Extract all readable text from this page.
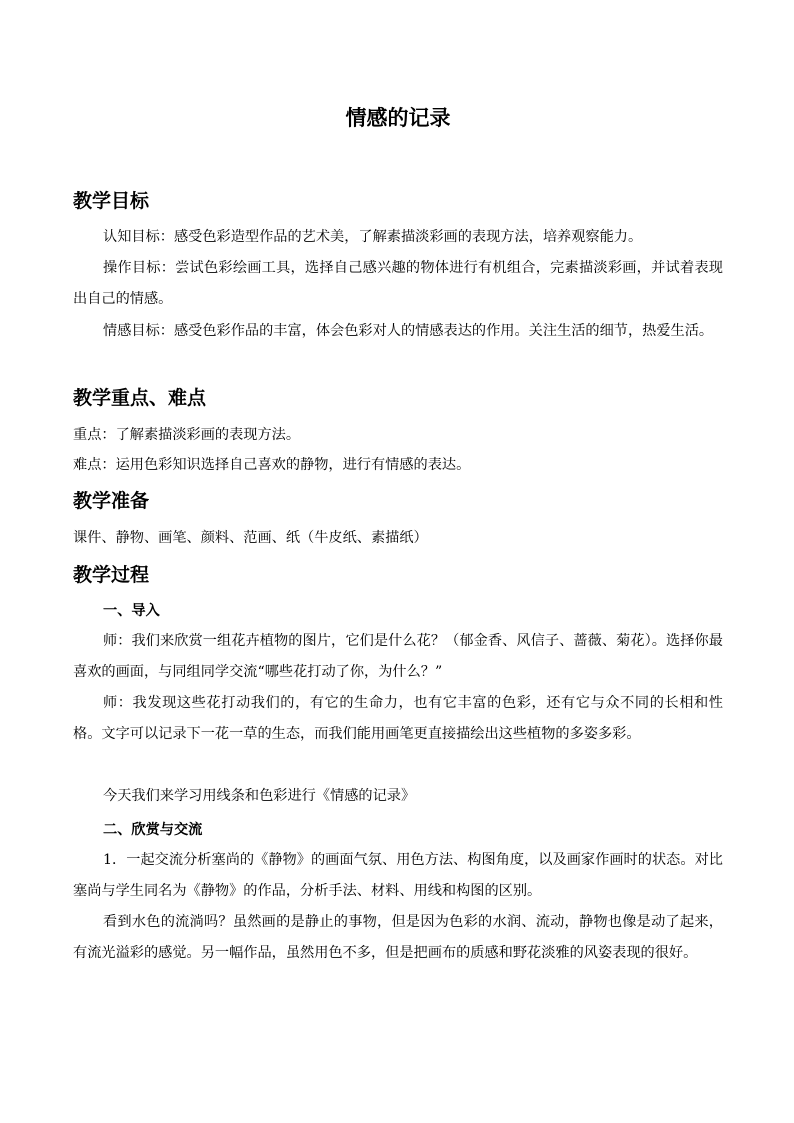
情感的记录
教学目标
认知目标：感受色彩造型作品的艺术美，了解素描淡彩画的表现方法，培养观察能力。
操作目标：尝试色彩绘画工具，选择自己感兴趣的物体进行有机组合，完素描淡彩画，并试着表现出自己的情感。
情感目标：感受色彩作品的丰富，体会色彩对人的情感表达的作用。关注生活的细节，热爱生活。
教学重点、难点
重点：了解素描淡彩画的表现方法。
难点：运用色彩知识选择自己喜欢的静物，进行有情感的表达。
教学准备
课件、静物、画笔、颜料、范画、纸（牛皮纸、素描纸）
教学过程
一、导入
师：我们来欣赏一组花卉植物的图片，它们是什么花？（郁金香、风信子、蔷薇、菊花）。选择你最喜欢的画面，与同组同学交流“哪些花打动了你，为什么？”
师：我发现这些花打动我们的，有它的生命力，也有它丰富的色彩，还有它与众不同的长相和性格。文字可以记录下一花一草的生态，而我们能用画笔更直接描绘出这些植物的多姿多彩。
今天我们来学习用线条和色彩进行《情感的记录》
二、欣赏与交流
1．一起交流分析塞尚的《静物》的画面气氛、用色方法、构图角度，以及画家作画时的状态。对比塞尚与学生同名为《静物》的作品，分析手法、材料、用线和构图的区别。
看到水色的流淌吗？虽然画的是静止的事物，但是因为色彩的水润、流动，静物也像是动了起来，有流光溢彩的感觉。另一幅作品，虽然用色不多，但是把画布的质感和野花淡雅的风姿表现的很好。
